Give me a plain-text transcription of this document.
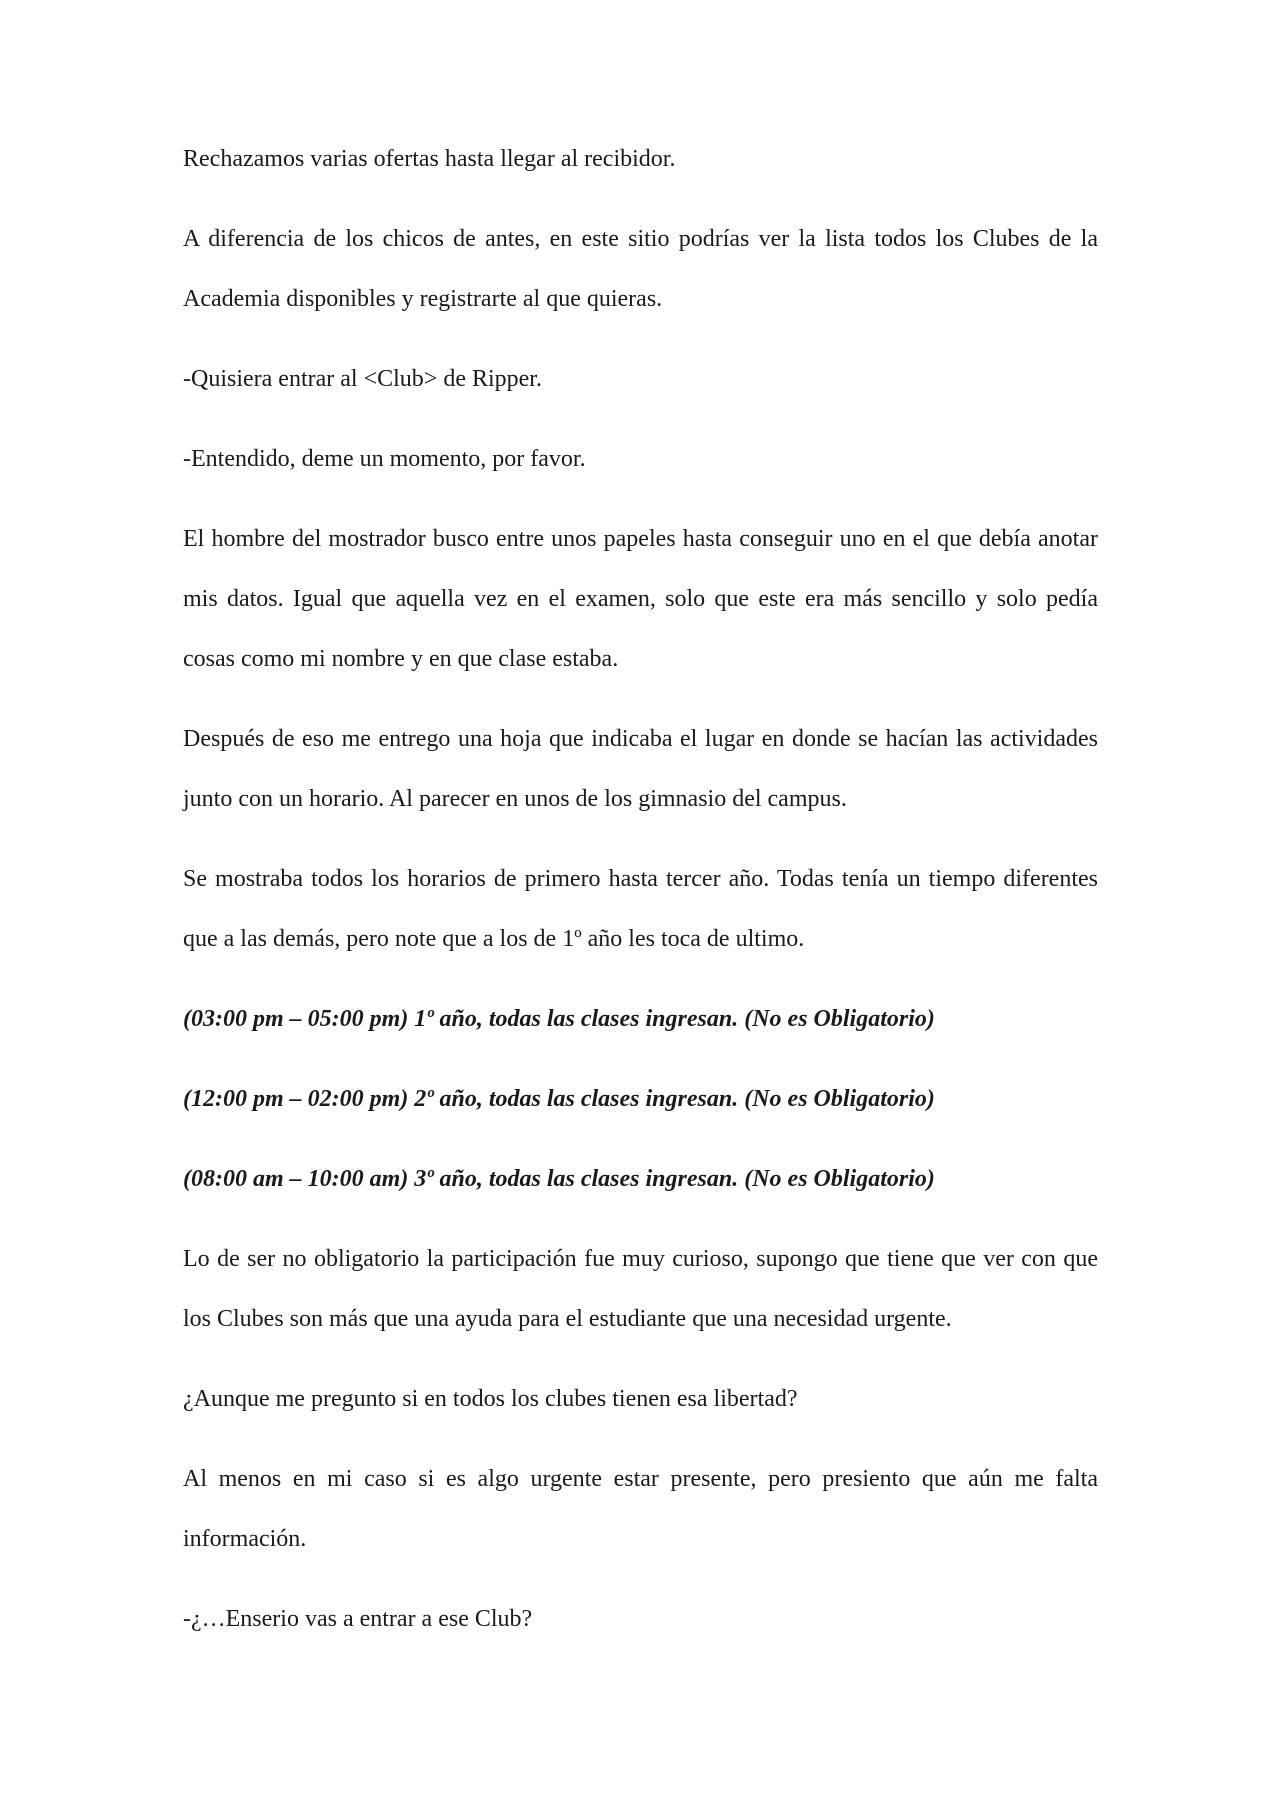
Rechazamos varias ofertas hasta llegar al recibidor.

A diferencia de los chicos de antes, en este sitio podrías ver la lista todos los Clubes de la Academia disponibles y registrarte al que quieras.

-Quisiera entrar al <Club> de Ripper.

-Entendido, deme un momento, por favor.

El hombre del mostrador busco entre unos papeles hasta conseguir uno en el que debía anotar mis datos. Igual que aquella vez en el examen, solo que este era más sencillo y solo pedía cosas como mi nombre y en que clase estaba.

Después de eso me entrego una hoja que indicaba el lugar en donde se hacían las actividades junto con un horario. Al parecer en unos de los gimnasio del campus.

Se mostraba todos los horarios de primero hasta tercer año. Todas tenía un tiempo diferentes que a las demás, pero note que a los de 1º año les toca de ultimo.

(03:00 pm – 05:00 pm) 1º año, todas las clases ingresan. (No es Obligatorio)

(12:00 pm – 02:00 pm) 2º año, todas las clases ingresan. (No es Obligatorio)

(08:00 am – 10:00 am) 3º año, todas las clases ingresan. (No es Obligatorio)

Lo de ser no obligatorio la participación fue muy curioso, supongo que tiene que ver con que los Clubes son más que una ayuda para el estudiante que una necesidad urgente.

¿Aunque me pregunto si en todos los clubes tienen esa libertad?

Al menos en mi caso si es algo urgente estar presente, pero presiento que aún me falta información.

-¿…Enserio vas a entrar a ese Club?
